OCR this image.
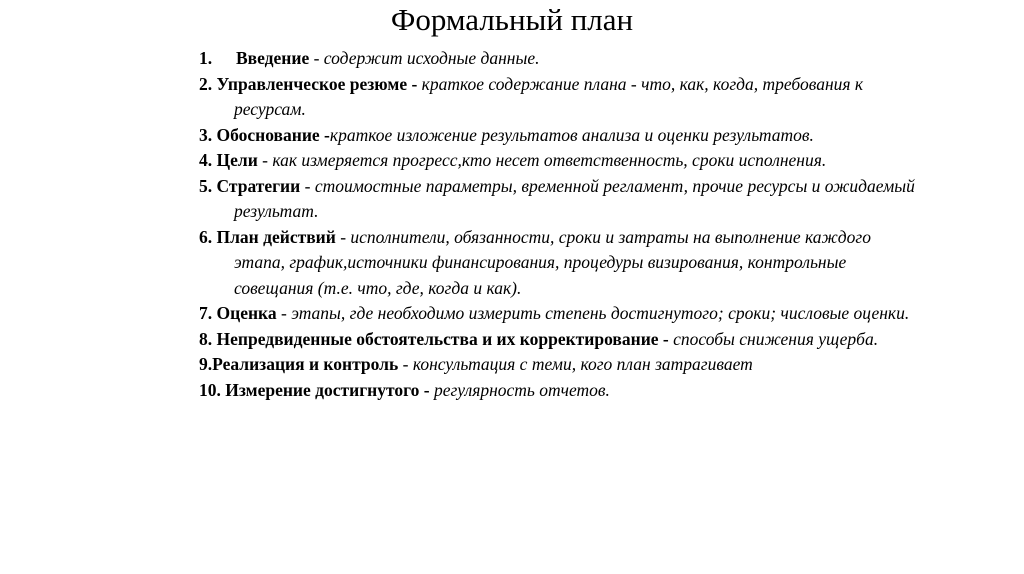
Формальный план
1. Введение - содержит исходные данные.
2. Управленческое резюме - краткое содержание плана - что, как, когда, требования к ресурсам.
3. Обоснование -краткое изложение результатов анализа и оценки результатов.
4. Цели - как измеряется прогресс,кто несет ответственность, сроки исполнения.
5. Стратегии - стоимостные параметры, временной регламент, прочие ресурсы и ожидаемый результат.
6. План действий - исполнители, обязанности, сроки и затраты на выполнение каждого этапа, график,источники финансирования, процедуры визирования, контрольные совещания (т.е. что, где, когда и как).
7. Оценка - этапы, где необходимо измерить степень достигнутого; сроки; числовые оценки.
8. Непредвиденные обстоятельства и их корректирование - способы снижения ущерба.
9.Реализация и контроль - консультация с теми, кого план затрагивает
10. Измерение достигнутого - регулярность отчетов.
